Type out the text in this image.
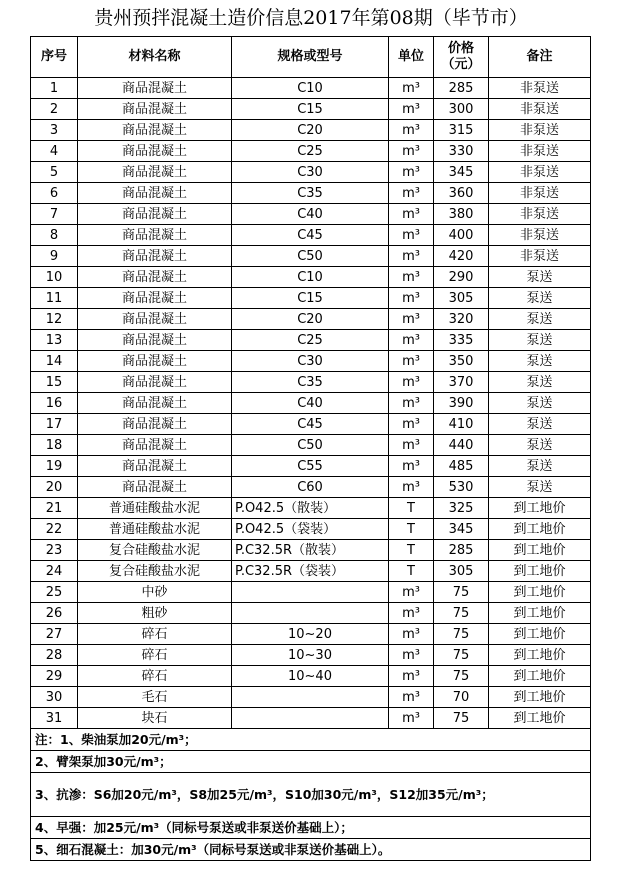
贵州预拌混凝土造价信息2017年第08期（毕节市）
序号	材料名称	规格或型号	单位	价格（元）	备注
1	商品混凝土	C10	m³	285	非泵送
2	商品混凝土	C15	m³	300	非泵送
3	商品混凝土	C20	m³	315	非泵送
4	商品混凝土	C25	m³	330	非泵送
5	商品混凝土	C30	m³	345	非泵送
6	商品混凝土	C35	m³	360	非泵送
7	商品混凝土	C40	m³	380	非泵送
8	商品混凝土	C45	m³	400	非泵送
9	商品混凝土	C50	m³	420	非泵送
10	商品混凝土	C10	m³	290	泵送
11	商品混凝土	C15	m³	305	泵送
12	商品混凝土	C20	m³	320	泵送
13	商品混凝土	C25	m³	335	泵送
14	商品混凝土	C30	m³	350	泵送
15	商品混凝土	C35	m³	370	泵送
16	商品混凝土	C40	m³	390	泵送
17	商品混凝土	C45	m³	410	泵送
18	商品混凝土	C50	m³	440	泵送
19	商品混凝土	C55	m³	485	泵送
20	商品混凝土	C60	m³	530	泵送
21	普通硅酸盐水泥	P.O42.5（散装）	T	325	到工地价
22	普通硅酸盐水泥	P.O42.5（袋装）	T	345	到工地价
23	复合硅酸盐水泥	P.C32.5R（散装）	T	285	到工地价
24	复合硅酸盐水泥	P.C32.5R（袋装）	T	305	到工地价
25	中砂		m³	75	到工地价
26	粗砂		m³	75	到工地价
27	碎石	10~20	m³	75	到工地价
28	碎石	10~30	m³	75	到工地价
29	碎石	10~40	m³	75	到工地价
30	毛石		m³	70	到工地价
31	块石		m³	75	到工地价
注：1、柴油泵加20元/m³；					
2、臂架泵加30元/m³；					
3、抗渗：S6加20元/m³，S8加25元/m³，S10加30元/m³，S12加35元/m³；					
4、早强：加25元/m³（同标号泵送或非泵送价基础上）；					
5、细石混凝土：加30元/m³（同标号泵送或非泵送价基础上）。					
